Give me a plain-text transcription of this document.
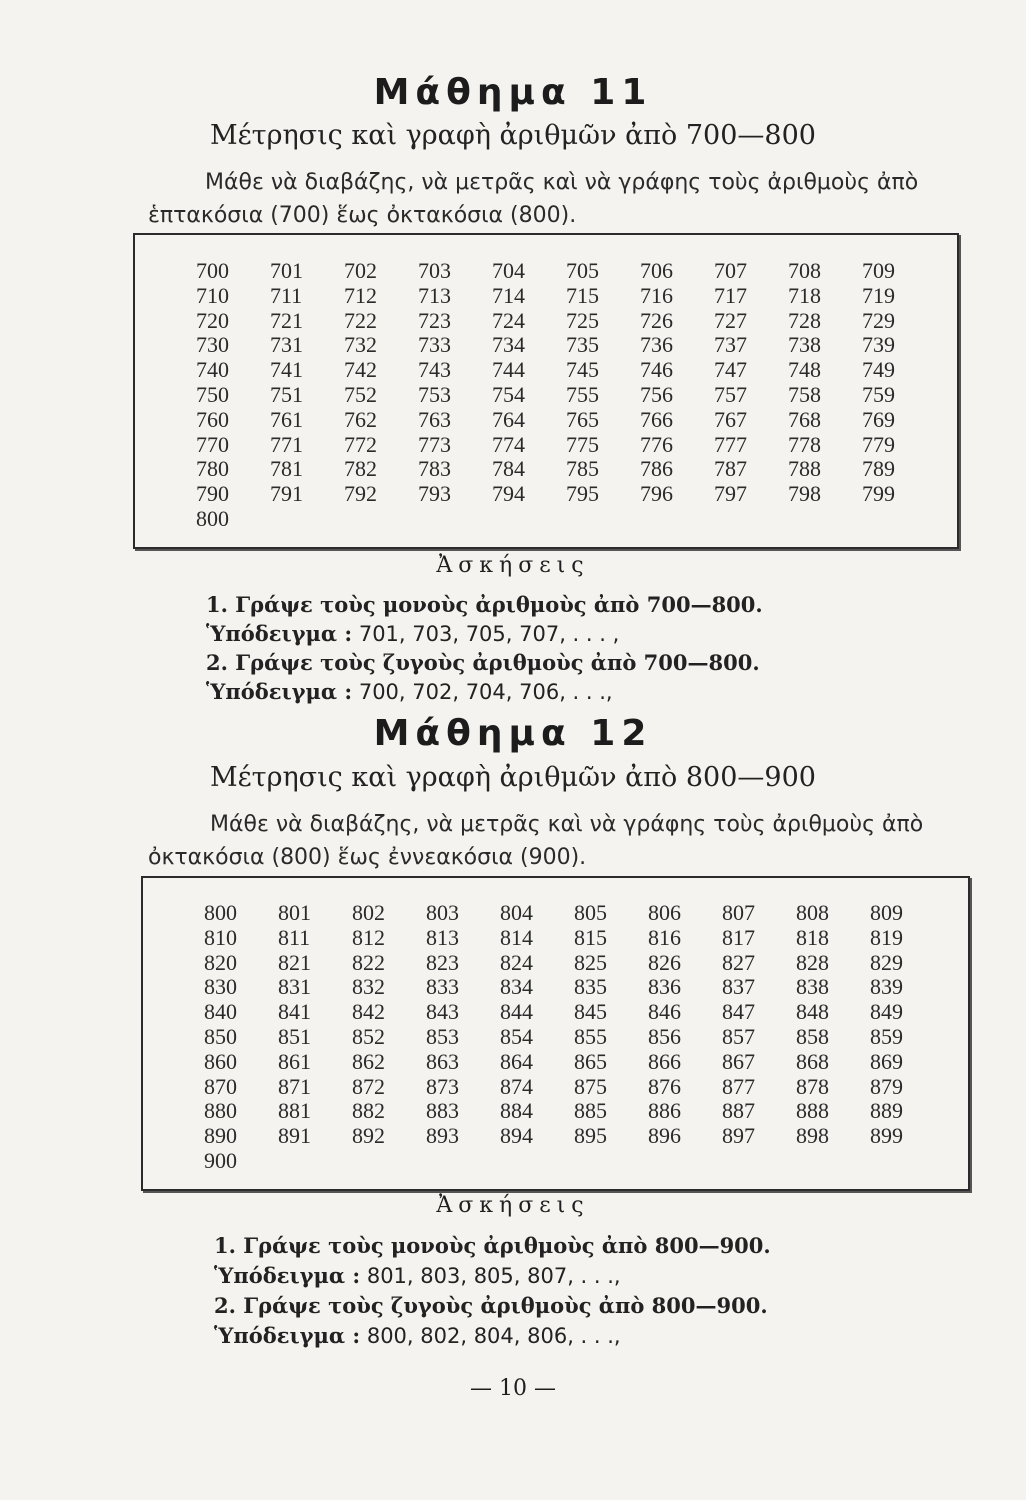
Μάθημα 11
Μέτρησις καὶ γραφὴ ἀριθμῶν ἀπὸ 700—800
Μάθε νὰ διαβάζης, νὰ μετρᾶς καὶ νὰ γράφης τοὺς ἀριθμοὺς ἀπὸ
ἑπτακόσια (700) ἕως ὀκτακόσια (800).
700	701	702	703	704	705	706	707	708	709
710	711	712	713	714	715	716	717	718	719
720	721	722	723	724	725	726	727	728	729
730	731	732	733	734	735	736	737	738	739
740	741	742	743	744	745	746	747	748	749
750	751	752	753	754	755	756	757	758	759
760	761	762	763	764	765	766	767	768	769
770	771	772	773	774	775	776	777	778	779
780	781	782	783	784	785	786	787	788	789
790	791	792	793	794	795	796	797	798	799
800
Ἀσκήσεις
1. Γράψε τοὺς μονοὺς ἀριθμοὺς ἀπὸ 700—800.
Ὑπόδειγμα : 701, 703, 705, 707, . . . ,
2. Γράψε τοὺς ζυγοὺς ἀριθμοὺς ἀπὸ 700—800.
Ὑπόδειγμα : 700, 702, 704, 706, . . .,
Μάθημα 12
Μέτρησις καὶ γραφὴ ἀριθμῶν ἀπὸ 800—900
Μάθε νὰ διαβάζης, νὰ μετρᾶς καὶ νὰ γράφης τοὺς ἀριθμοὺς ἀπὸ
ὀκτακόσια (800) ἕως ἐννεακόσια (900).
800	801	802	803	804	805	806	807	808	809
810	811	812	813	814	815	816	817	818	819
820	821	822	823	824	825	826	827	828	829
830	831	832	833	834	835	836	837	838	839
840	841	842	843	844	845	846	847	848	849
850	851	852	853	854	855	856	857	858	859
860	861	862	863	864	865	866	867	868	869
870	871	872	873	874	875	876	877	878	879
880	881	882	883	884	885	886	887	888	889
890	891	892	893	894	895	896	897	898	899
900
Ἀσκήσεις
1. Γράψε τοὺς μονοὺς ἀριθμοὺς ἀπὸ 800—900.
Ὑπόδειγμα : 801, 803, 805, 807, . . .,
2. Γράψε τοὺς ζυγοὺς ἀριθμοὺς ἀπὸ 800—900.
Ὑπόδειγμα : 800, 802, 804, 806, . . .,
— 10 —
